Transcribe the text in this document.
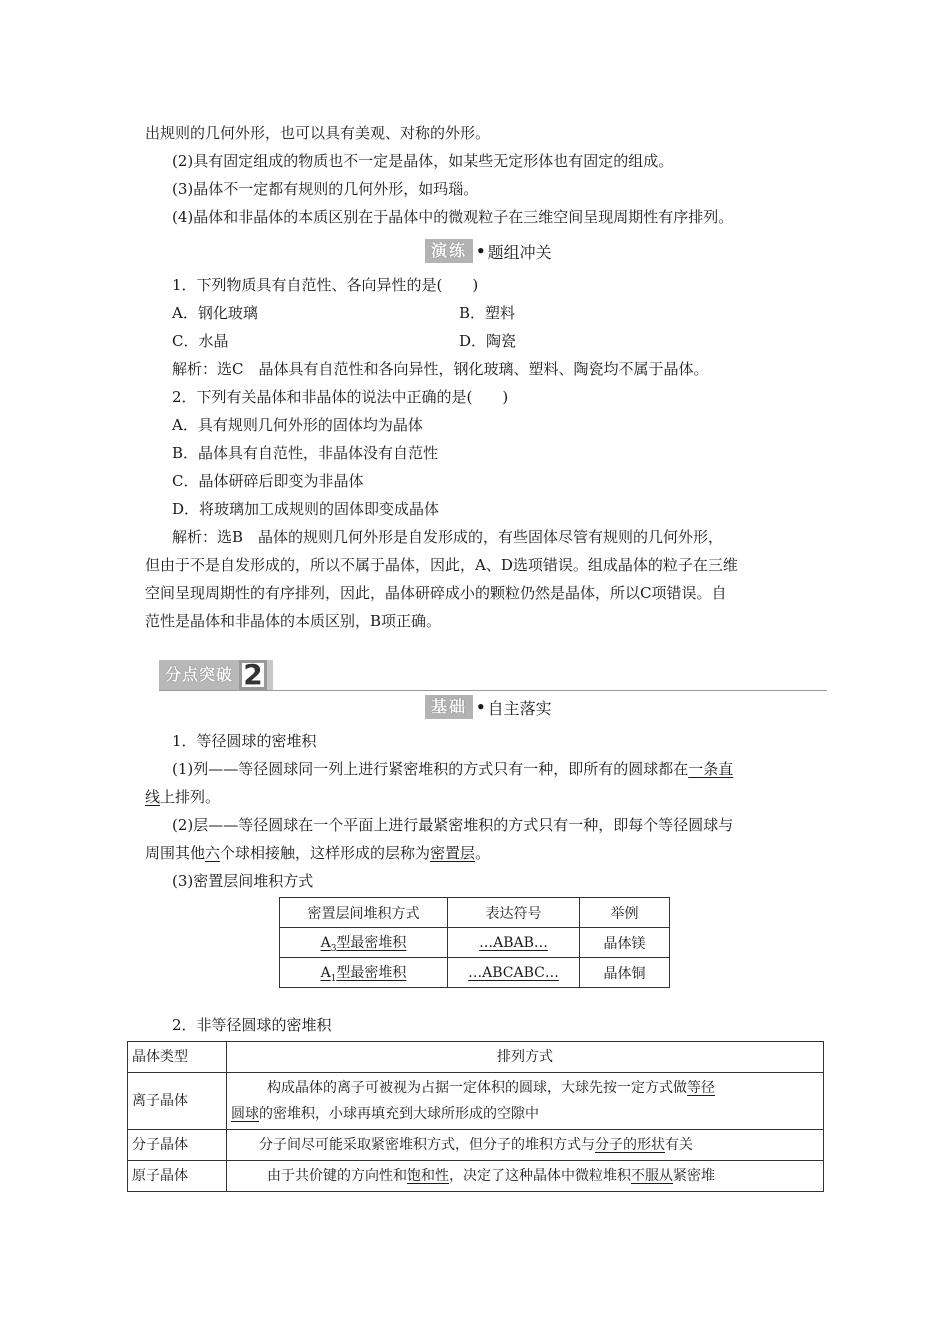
出规则的几何外形，也可以具有美观、对称的外形。
(2)具有固定组成的物质也不一定是晶体，如某些无定形体也有固定的组成。
(3)晶体不一定都有规则的几何外形，如玛瑙。
(4)晶体和非晶体的本质区别在于晶体中的微观粒子在三维空间呈现周期性有序排列。
演练 • 题组冲关
1．下列物质具有自范性、各向异性的是(　　)
A．钢化玻璃	B．塑料
C．水晶	D．陶瓷
解析：选C　晶体具有自范性和各向异性，钢化玻璃、塑料、陶瓷均不属于晶体。
2．下列有关晶体和非晶体的说法中正确的是(　　)
A．具有规则几何外形的固体均为晶体
B．晶体具有自范性，非晶体没有自范性
C．晶体研碎后即变为非晶体
D．将玻璃加工成规则的固体即变成晶体
解析：选B　晶体的规则几何外形是自发形成的，有些固体尽管有规则的几何外形，
但由于不是自发形成的，所以不属于晶体，因此，A、D选项错误。组成晶体的粒子在三维
空间呈现周期性的有序排列，因此，晶体研碎成小的颗粒仍然是晶体，所以C项错误。自
范性是晶体和非晶体的本质区别，B项正确。
分点突破 2
基础 • 自主落实
1．等径圆球的密堆积
(1)列——等径圆球同一列上进行紧密堆积的方式只有一种，即所有的圆球都在一条直
线上排列。
(2)层——等径圆球在一个平面上进行最紧密堆积的方式只有一种，即每个等径圆球与
周围其他六个球相接触，这样形成的层称为密置层。
(3)密置层间堆积方式
密置层间堆积方式	表达符号	举例
$A_3$型最密堆积	…ABAB…	晶体镁
$A_1$型最密堆积	…ABCABC…	晶体铜
2．非等径圆球的密堆积
晶体类型	排列方式
离子晶体	构成晶体的离子可被视为占据一定体积的圆球，大球先按一定方式做等径
圆球的密堆积，小球再填充到大球所形成的空隙中
分子晶体	分子间尽可能采取紧密堆积方式，但分子的堆积方式与分子的形状有关
原子晶体	由于共价键的方向性和饱和性，决定了这种晶体中微粒堆积不服从紧密堆
